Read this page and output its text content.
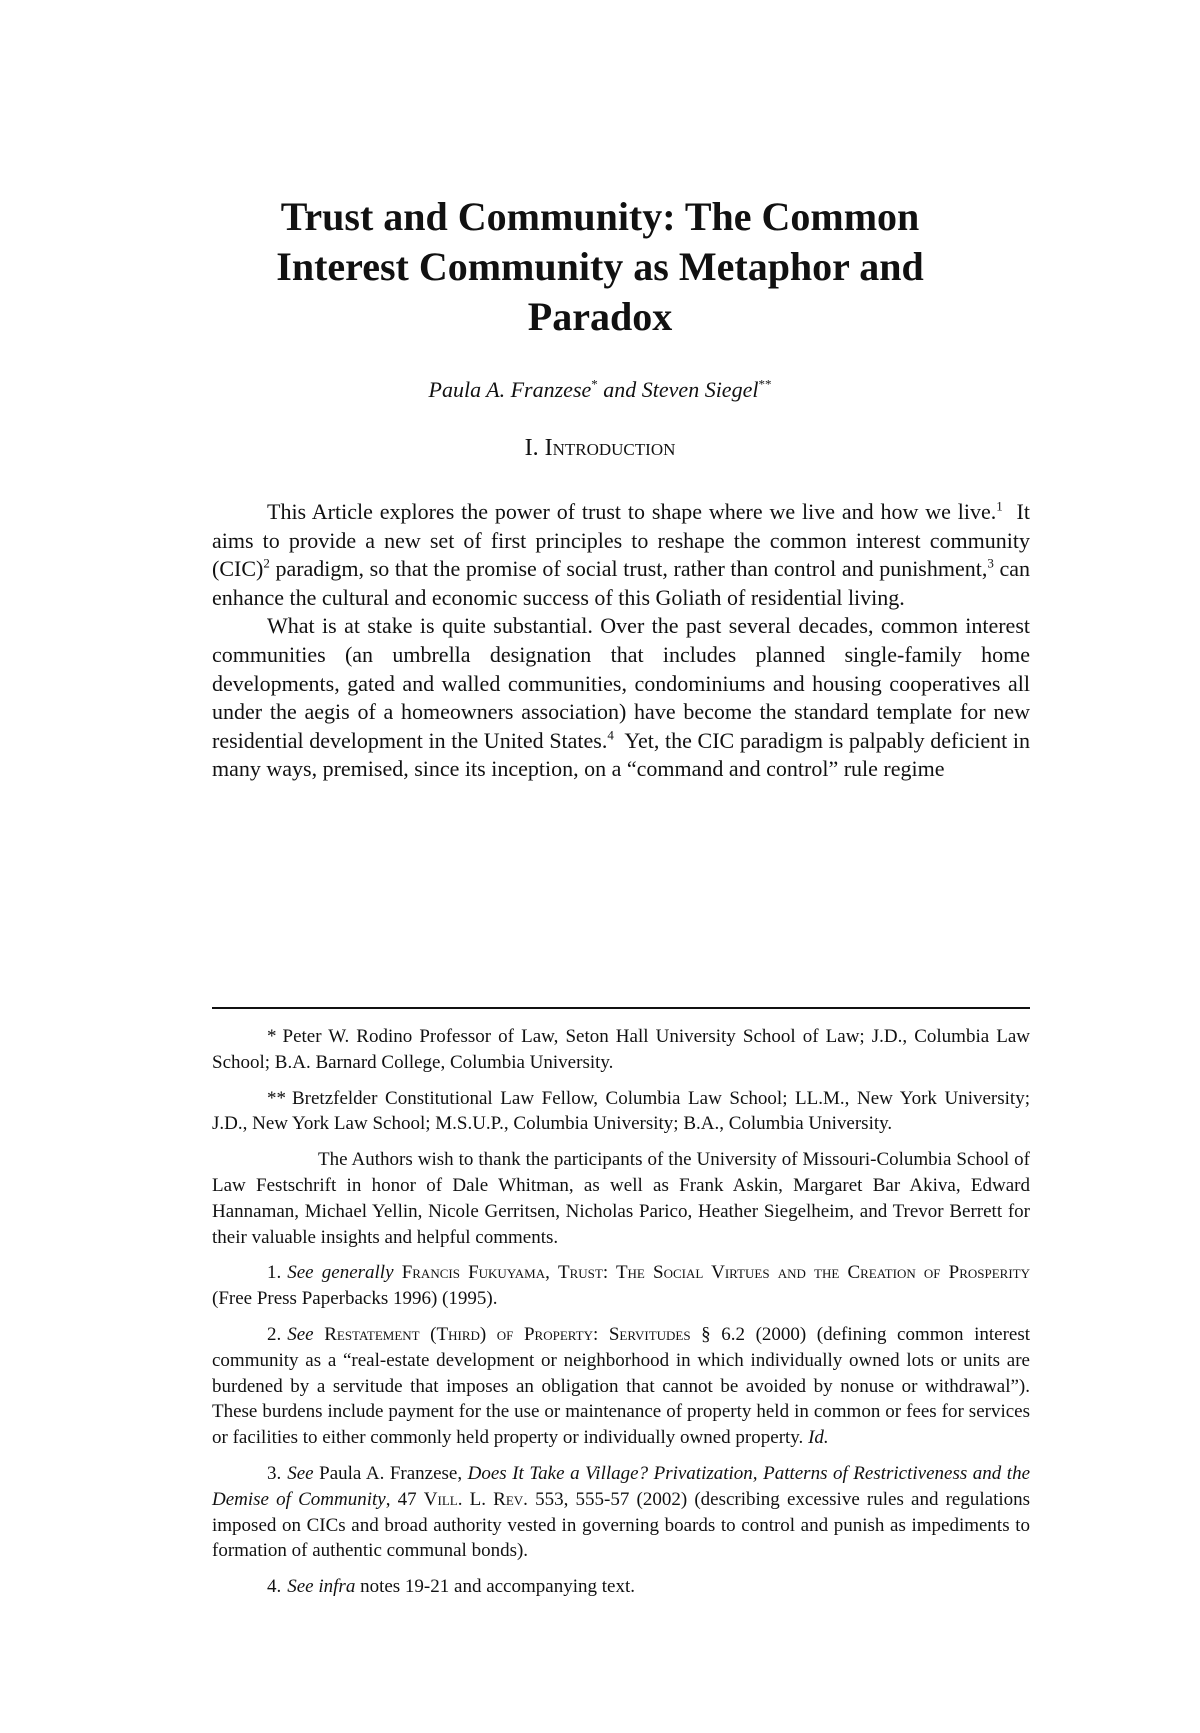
Trust and Community: The Common
Interest Community as Metaphor and
Paradox
Paula A. Franzese* and Steven Siegel**
I. Introduction

This Article explores the power of trust to shape where we live and how we live.$^1$ It aims to provide a new set of first principles to reshape the common interest community (CIC)$^2$ paradigm, so that the promise of social trust, rather than control and punishment,$^3$ can enhance the cultural and economic success of this Goliath of residential living.

What is at stake is quite substantial. Over the past several decades, common interest communities (an umbrella designation that includes planned single-family home developments, gated and walled communities, condominiums and housing cooperatives all under the aegis of a homeowners association) have become the standard template for new residential development in the United States.$^4$ Yet, the CIC paradigm is palpably deficient in many ways, premised, since its inception, on a “command and control” rule regime

* Peter W. Rodino Professor of Law, Seton Hall University School of Law; J.D., Columbia Law School; B.A. Barnard College, Columbia University.

** Bretzfelder Constitutional Law Fellow, Columbia Law School; LL.M., New York University; J.D., New York Law School; M.S.U.P., Columbia University; B.A., Columbia University.

The Authors wish to thank the participants of the University of Missouri-Columbia School of Law Festschrift in honor of Dale Whitman, as well as Frank Askin, Margaret Bar Akiva, Edward Hannaman, Michael Yellin, Nicole Gerritsen, Nicholas Parico, Heather Siegelheim, and Trevor Berrett for their valuable insights and helpful comments.

1. See generally Francis Fukuyama, Trust: The Social Virtues and the Creation of Prosperity (Free Press Paperbacks 1996) (1995).

2. See Restatement (Third) of Property: Servitudes § 6.2 (2000) (defining common interest community as a “real-estate development or neighborhood in which individually owned lots or units are burdened by a servitude that imposes an obligation that cannot be avoided by nonuse or withdrawal”). These burdens include payment for the use or maintenance of property held in common or fees for services or facilities to either commonly held property or individually owned property. Id.

3. See Paula A. Franzese, Does It Take a Village? Privatization, Patterns of Restrictiveness and the Demise of Community, 47 Vill. L. Rev. 553, 555-57 (2002) (describing excessive rules and regulations imposed on CICs and broad authority vested in governing boards to control and punish as impediments to formation of authentic communal bonds).

4. See infra notes 19-21 and accompanying text.
